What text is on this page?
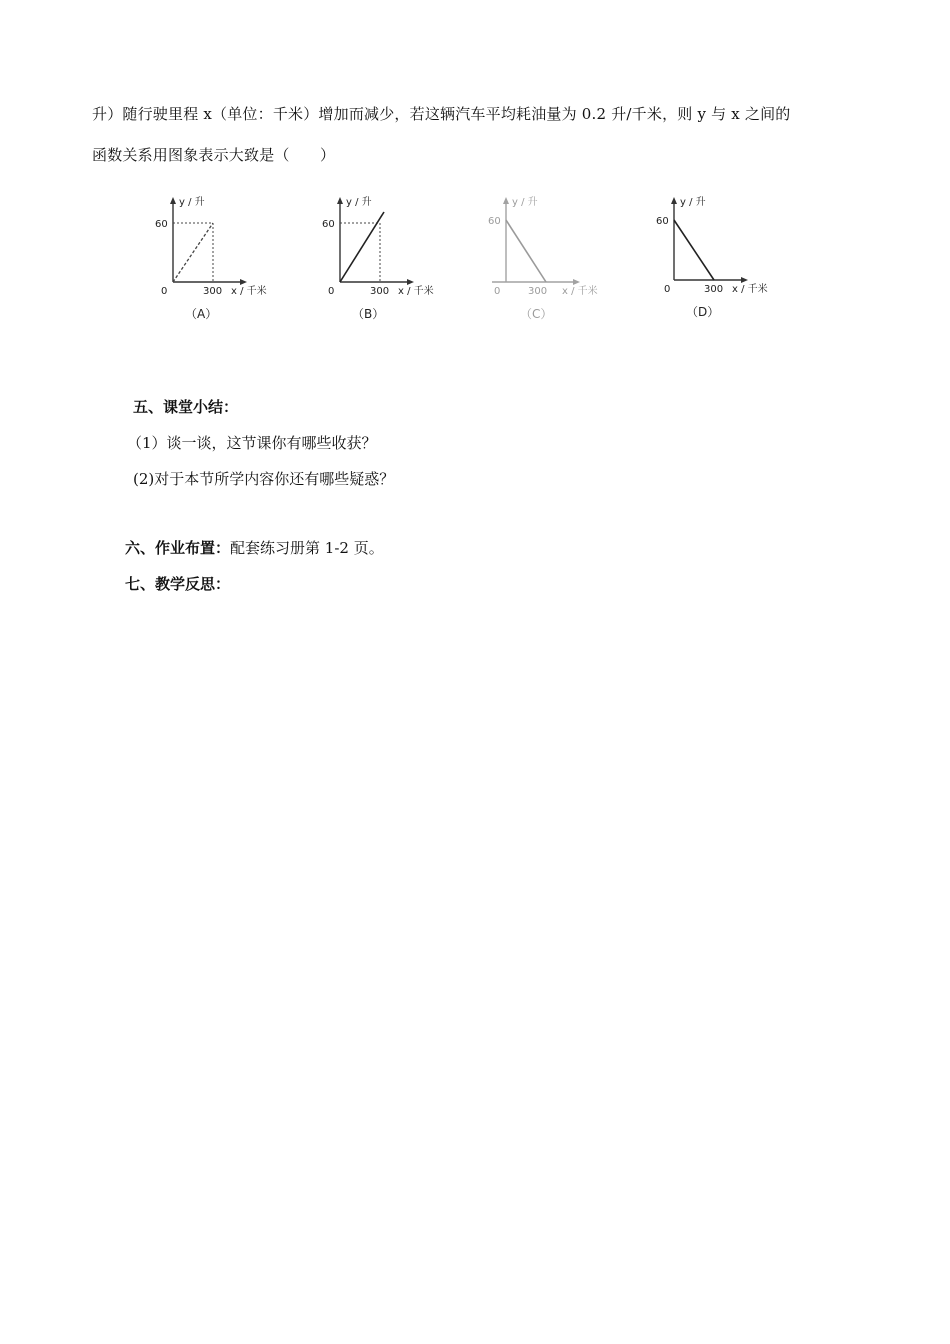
升）随行驶里程 x（单位：千米）增加而减少，若这辆汽车平均耗油量为 0.2 升/千米，则 y 与 x 之间的
函数关系用图象表示大致是（　　）
y / 升
60
0	300 x / 千米
（A）
y / 升
60
0	300 x / 千米
（B）
y / 升
60
0	300 x / 千米
（C）
y / 升
60
0	300 x / 千米
（D）
五、课堂小结：
（1）谈一谈，这节课你有哪些收获？
(2)对于本节所学内容你还有哪些疑惑？
六、作业布置：配套练习册第 1-2 页。
七、教学反思：
